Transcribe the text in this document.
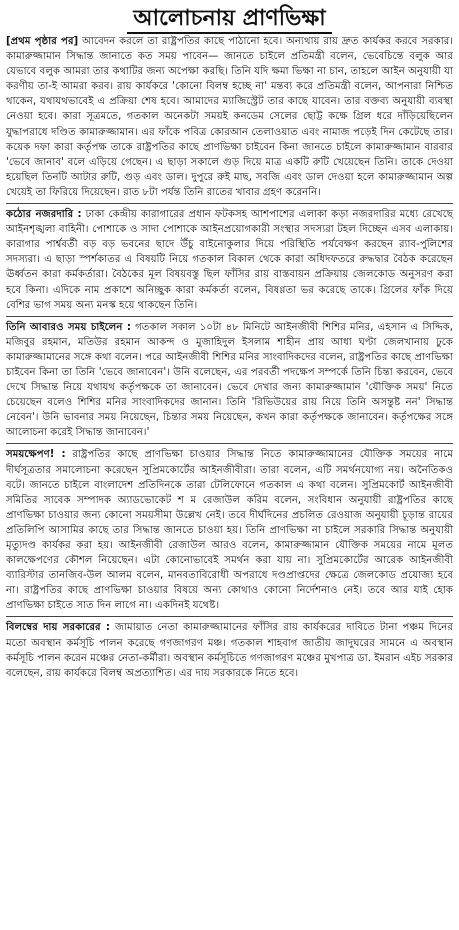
আলোচনায় প্রাণভিক্ষা

[প্রথম পৃষ্ঠার পর] আবেদন করলে তা রাষ্ট্রপতির কাছে পাঠানো হবে। অন্যথায় রায় দ্রুত কার্যকর করবে সরকার। কামারুজ্জামান সিদ্ধান্ত জানাতে কত সময় পাবেন— জানতে চাইলে প্রতিমন্ত্রী বলেন, ভেবেচিন্তে বলুক আর যেভাবে বলুক আমরা তার কথাটির জন্য অপেক্ষা করছি। তিনি যদি ক্ষমা ভিক্ষা না চান, তাহলে আইন অনুযায়ী যা করণীয় তা-ই আমরা করব। রায় কার্যকরে 'কোনো বিলম্ব হচ্ছে না' মন্তব্য করে প্রতিমন্ত্রী বলেন, আপনারা নিশ্চিত থাকেন, যথাযথভাবেই এ প্রক্রিয়া শেষ হবে। আমাদের ম্যাজিস্ট্রেট তার কাছে যাবেন। তার বক্তব্য অনুযায়ী ব্যবস্থা নেওয়া হবে। কারা সূত্রমতে, গতকাল অনেকটা সময়ই কনডেম সেলের ছোট্ট কক্ষে গ্রিল ধরে দাঁড়িয়েছিলেন যুদ্ধাপরাধে দণ্ডিত কামারুজ্জামান। এর ফাঁকে পবিত্র কোরআন তেলাওয়াত এবং নামাজ পড়েই দিন কেটেছে তার। কয়েক দফা কারা কর্তৃপক্ষ তাকে রাষ্ট্রপতির কাছে প্রাণভিক্ষা চাইবেন কিনা জানতে চাইলে কামারুজ্জামান বারবার 'ভেবে জানাব' বলে এড়িয়ে গেছেন। এ ছাড়া সকালে গুড় দিয়ে মাত্র একটি রুটি খেয়েছেন তিনি। তাকে দেওয়া হয়েছিল তিনটি আটার রুটি, গুড় এবং ডাল। দুপুরে রুই মাছ, সবজি এবং ডাল দেওয়া হলে কামারুজ্জামান অল্প খেয়েই তা ফিরিয়ে দিয়েছেন। রাত ৮টা পর্যন্ত তিনি রাতের খাবার গ্রহণ করেননি।

কঠোর নজরদারি : ঢাকা কেন্দ্রীয় কারাগারের প্রধান ফটকসহ আশপাশের এলাকা কড়া নজরদারির মধ্যে রেখেছে আইনশৃঙ্খলা বাহিনী। পোশাকে ও সাদা পোশাকে আইনপ্রয়োগকারী সংস্থার সদস্যরা টহল দিচ্ছেন এসব এলাকায়। কারাগার পার্শ্ববর্তী বড় বড় ভবনের ছাদে উঁচু বাইনোকুলার দিয়ে পরিস্থিতি পর্যবেক্ষণ করছেন র‌্যাব-পুলিশের সদস্যরা। এ ছাড়া স্পর্শকাতর এ বিষয়টি নিয়ে গতকাল বিকাল থেকে কারা অধিদফতরে রুদ্ধদ্বার বৈঠক করেছেন ঊর্ধ্বতন কারা কর্মকর্তারা। বৈঠকের মূল বিষয়বস্তু ছিল ফাঁসির রায় বাস্তবায়ন প্রক্রিয়ায় জেলকোড অনুসরণ করা হবে কিনা। এদিকে নাম প্রকাশে অনিচ্ছুক কারা কর্মকর্তা বলেন, বিষণ্ণতা ভর করেছে তাকে। গ্রিলের ফাঁক দিয়ে বেশির ভাগ সময় অন্য মনস্ক হয়ে থাকছেন তিনি।

তিনি আবারও সময় চাইলেন : গতকাল সকাল ১০টা ৪৮ মিনিটে আইনজীবী শিশির মনির, এহসান এ সিদ্দিক, মজিবুর রহমান, মতিউর রহমান আকন্দ ও মুজাহিদুল ইসলাম শাহীন প্রায় আধা ঘণ্টা জেলখানায় ঢুকে কামারুজ্জামানের সঙ্গে কথা বলেন। পরে আইনজীবী শিশির মনির সাংবাদিকদের বলেন, রাষ্ট্রপতির কাছে প্রাণভিক্ষা চাইবেন কিনা তা তিনি 'ভেবে জানাবেন'। উনি বলেছেন, এর পরবর্তী পদক্ষেপ সম্পর্কে তিনি চিন্তা করবেন, ভেবে দেখে সিদ্ধান্ত নিয়ে যথাযথ কর্তৃপক্ষকে তা জানাবেন। ভেবে দেখার জন্য কামারুজ্জামান 'যৌক্তিক সময়' নিতে চেয়েছেন বলেও শিশির মনির সাংবাদিকদের জানান। তিনি 'রিভিউয়ের রায় নিয়ে তিনি অসন্তুষ্ট নন' সিদ্ধান্ত নেবেন'। উনি ভাবনার সময় নিয়েছেন, চিন্তার সময় নিয়েছেন, কখন কারা কর্তৃপক্ষকে জানাবেন। কর্তৃপক্ষের সঙ্গে আলোচনা করেই সিদ্ধান্ত জানাবেন।'

সময়ক্ষেপণ! : রাষ্ট্রপতির কাছে প্রাণভিক্ষা চাওয়ার সিদ্ধান্ত নিতে কামারুজ্জামানের যৌক্তিক সময়ের নামে দীর্ঘসূত্রতার সমালোচনা করেছেন সুপ্রিমকোর্টের আইনজীবীরা। তারা বলেন, এটি সমর্থনযোগ্য নয়। অনৈতিকও বটে। জানতে চাইলে বাংলাদেশ প্রতিদিনকে তারা টেলিফোনে গতকাল এ কথা বলেন। সুপ্রিমকোর্ট আইনজীবী সমিতির সাবেক সম্পাদক অ্যাডভোকেট শ ম রেজাউল করিম বলেন, সংবিধান অনুযায়ী রাষ্ট্রপতির কাছে প্রাণভিক্ষা চাওয়ার জন্য কোনো সময়সীমা উল্লেখ নেই। তবে দীর্ঘদিনের প্রচলিত রেওয়াজ অনুযায়ী চূড়ান্ত রায়ের প্রতিলিপি আসামির কাছে তার সিদ্ধান্ত জানতে চাওয়া হয়। তিনি প্রাণভিক্ষা না চাইলে সরকারি সিদ্ধান্ত অনুযায়ী মৃত্যুদণ্ড কার্যকর করা হয়। আইনজীবী রেজাউল আরও বলেন, কামারুজ্জামান যৌক্তিক সময়ের নামে মূলত কালক্ষেপণের কৌশল নিয়েছেন। এটা কোনোভাবেই সমর্থন করা যায় না। সুপ্রিমকোর্টের আরেক আইনজীবী ব্যারিস্টার তানজিব-উল আলম বলেন, মানবতাবিরোধী অপরাধে দণ্ডপ্রাপ্তদের ক্ষেত্রে জেলকোড প্রযোজ্য হবে না। রাষ্ট্রপতির কাছে প্রাণভিক্ষা চাওয়ার বিষয়ে অন্য কোথাও কোনো নির্দেশনাও নেই। তবে আর যাই হোক প্রাণভিক্ষা চাইতে সাত দিন লাগে না। একদিনই যথেষ্ট।

বিলম্বের দায় সরকারের : জামায়াত নেতা কামারুজ্জামানের ফাঁসির রায় কার্যকরের দাবিতে টানা পঞ্চম দিনের মতো অবস্থান কর্মসূচি পালন করেছে গণজাগরণ মঞ্চ। গতকাল শাহবাগ জাতীয় জাদুঘরের সামনে এ অবস্থান কর্মসূচি পালন করেন মঞ্চের নেতা-কর্মীরা। অবস্থান কর্মসূচিতে গণজাগরণ মঞ্চের মুখপাত্র ডা. ইমরান এইচ সরকার বলেছেন, রায় কার্যকরে বিলম্ব অপ্রত্যাশিত। এর দায় সরকারকে নিতে হবে।
